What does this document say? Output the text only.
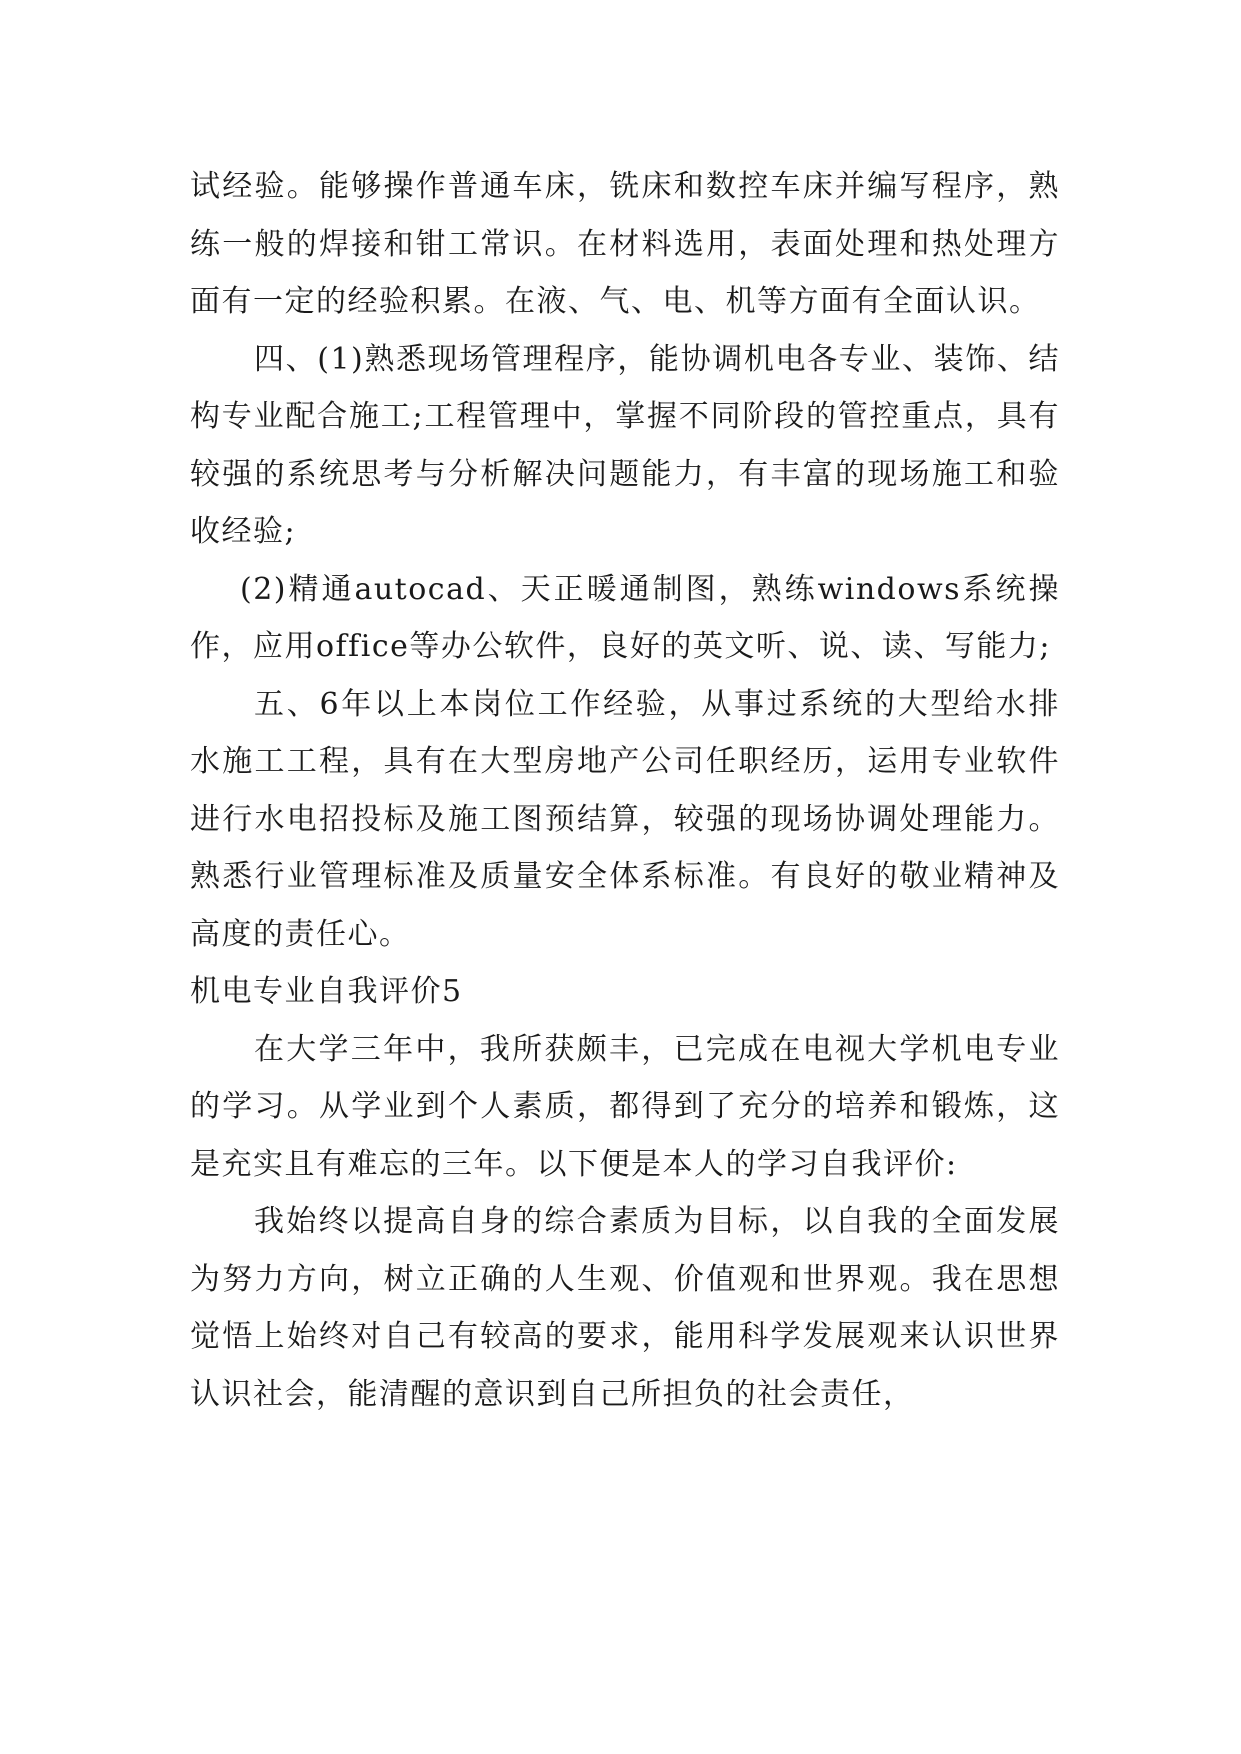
试经验。能够操作普通车床，铣床和数控车床并编写程序，熟练一般的焊接和钳工常识。在材料选用，表面处理和热处理方面有一定的经验积累。在液、气、电、机等方面有全面认识。

四、(1)熟悉现场管理程序，能协调机电各专业、装饰、结构专业配合施工;工程管理中，掌握不同阶段的管控重点，具有较强的系统思考与分析解决问题能力，有丰富的现场施工和验收经验;

(2)精通autocad、天正暖通制图，熟练windows系统操作，应用office等办公软件，良好的英文听、说、读、写能力;

五、6年以上本岗位工作经验，从事过系统的大型给水排水施工工程，具有在大型房地产公司任职经历，运用专业软件进行水电招投标及施工图预结算，较强的现场协调处理能力。熟悉行业管理标准及质量安全体系标准。有良好的敬业精神及高度的责任心。

机电专业自我评价5

在大学三年中，我所获颇丰，已完成在电视大学机电专业的学习。从学业到个人素质，都得到了充分的培养和锻炼，这是充实且有难忘的三年。以下便是本人的学习自我评价:

我始终以提高自身的综合素质为目标，以自我的全面发展为努力方向，树立正确的人生观、价值观和世界观。我在思想觉悟上始终对自己有较高的要求，能用科学发展观来认识世界认识社会，能清醒的意识到自己所担负的社会责任，
